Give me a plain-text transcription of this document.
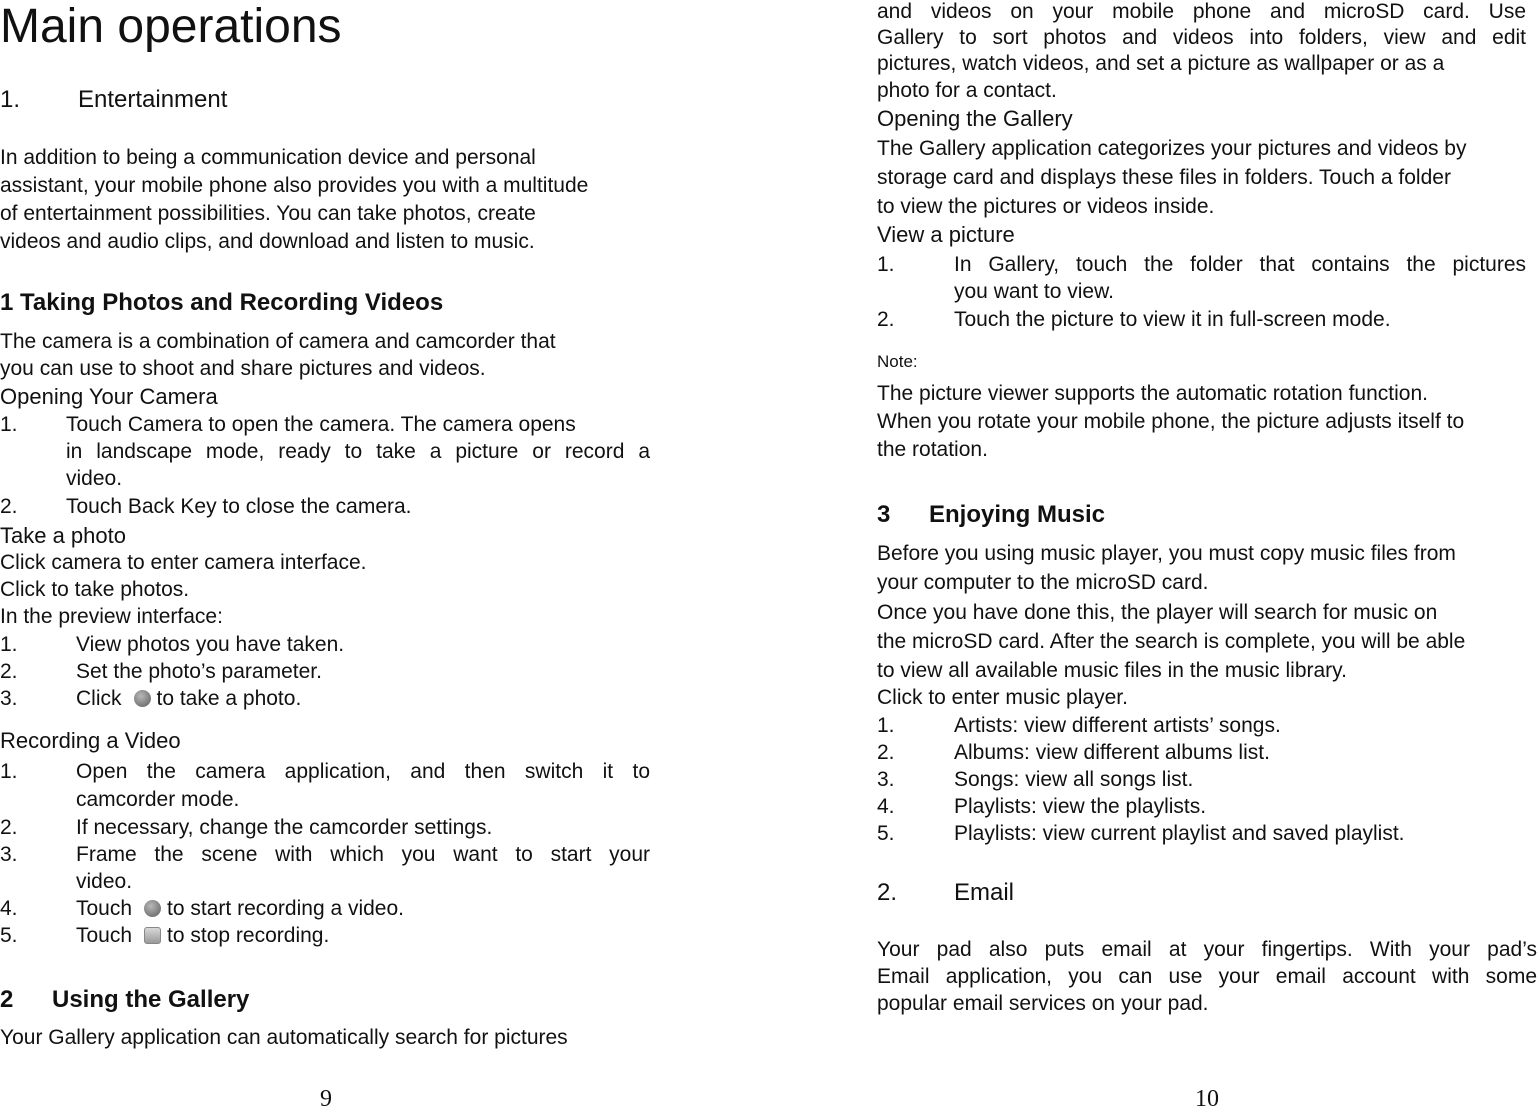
Main operations
1. Entertainment
In addition to being a communication device and personal
assistant, your mobile phone also provides you with a multitude
of entertainment possibilities. You can take photos, create
videos and audio clips, and download and listen to music.
1 Taking Photos and Recording Videos
The camera is a combination of camera and camcorder that
you can use to shoot and share pictures and videos.
Opening Your Camera
1. Touch Camera to open the camera. The camera opens
in landscape mode, ready to take a picture or record a
video.
2. Touch Back Key to close the camera.
Take a photo
Click camera to enter camera interface.
Click to take photos.
In the preview interface:
1.	View photos you have taken.
2.	Set the photo’s parameter.
3.	Click to take a photo.
Recording a Video
1.	Open the camera application, and then switch it to
camcorder mode.
2.	If necessary, change the camcorder settings.
3.	Frame the scene with which you want to start your
video.
4.	Touch to start recording a video.
5.	Touch to stop recording.
2 Using the Gallery
Your Gallery application can automatically search for pictures
9
and videos on your mobile phone and microSD card. Use
Gallery to sort photos and videos into folders, view and edit
pictures, watch videos, and set a picture as wallpaper or as a
photo for a contact.
Opening the Gallery
The Gallery application categorizes your pictures and videos by
storage card and displays these files in folders. Touch a folder
to view the pictures or videos inside.
View a picture
1.	In Gallery, touch the folder that contains the pictures
you want to view.
2.	Touch the picture to view it in full-screen mode.
Note:
The picture viewer supports the automatic rotation function.
When you rotate your mobile phone, the picture adjusts itself to
the rotation.
3 Enjoying Music
Before you using music player, you must copy music files from
your computer to the microSD card.
Once you have done this, the player will search for music on
the microSD card. After the search is complete, you will be able
to view all available music files in the music library.
Click to enter music player.
1.	Artists: view different artists’ songs.
2.	Albums: view different albums list.
3.	Songs: view all songs list.
4.	Playlists: view the playlists.
5.	Playlists: view current playlist and saved playlist.
2. Email
Your pad also puts email at your fingertips. With your pad’s
Email application, you can use your email account with some
popular email services on your pad.
10
